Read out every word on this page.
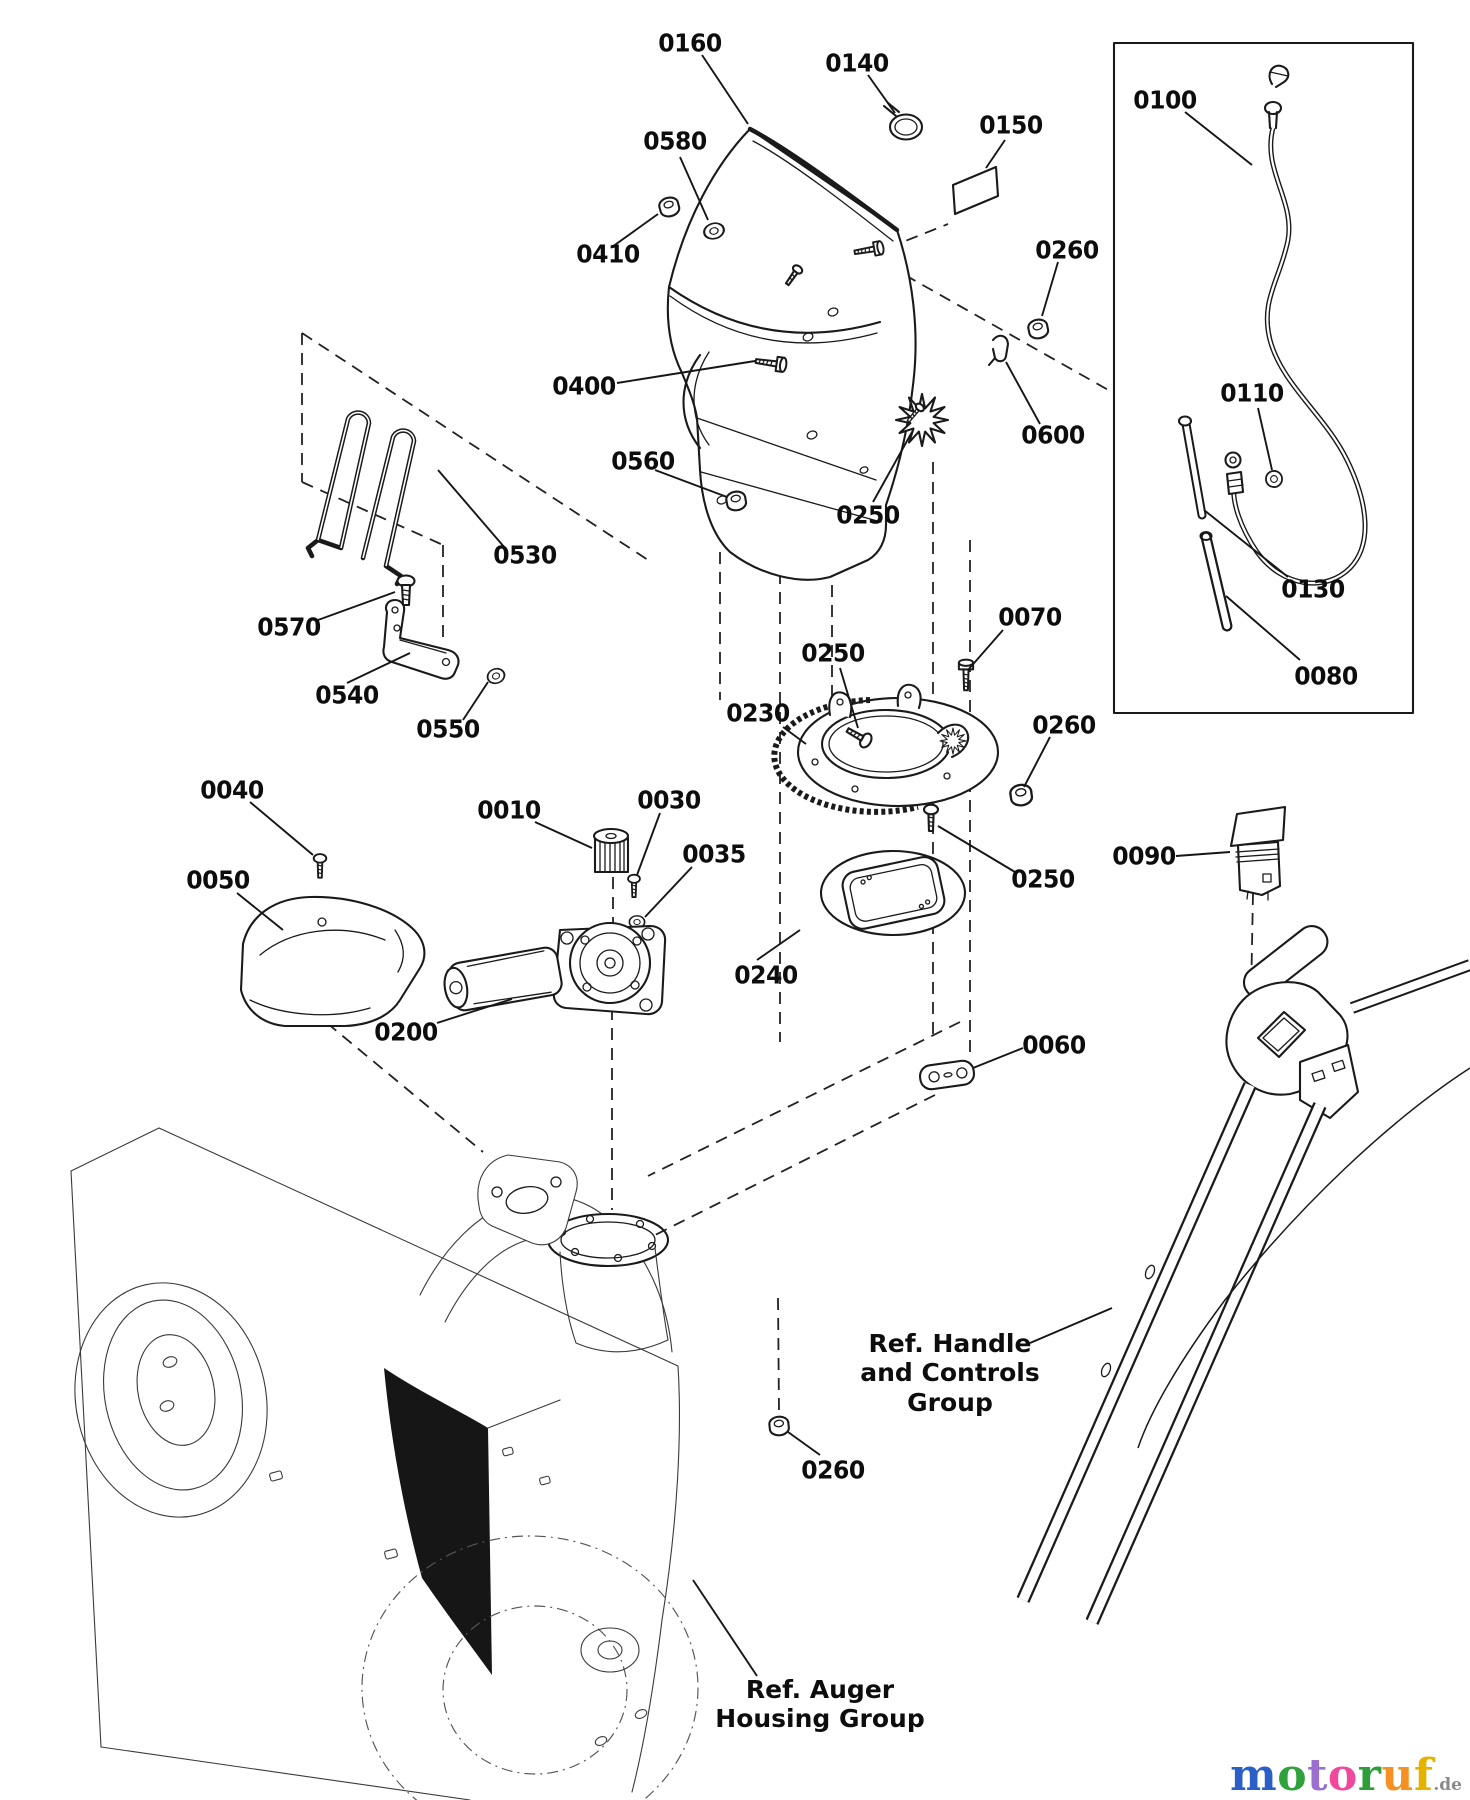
0160
0140
0150
0100
0580
0410	0260
0400	0110
0600
0560
0250
0530
0070
0130
0570
0540
0080
0550
0250
0230	0260
0040
0010	0030
0035	0090
0050	0250
0240
0200	0060
0260
Ref. Handle
and Controls
Group
Ref. Auger
Housing Group
motoruf.de
